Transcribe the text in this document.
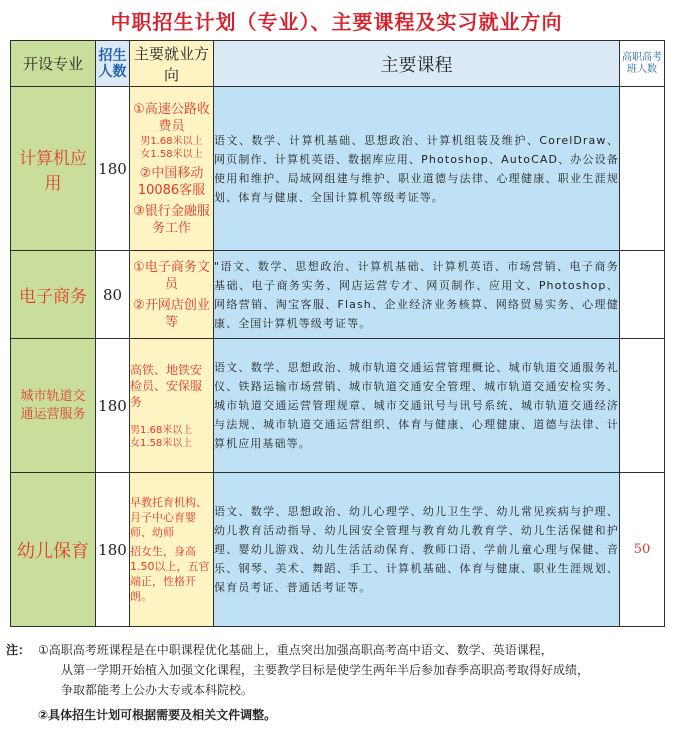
中职招生计划（专业）、主要课程及实习就业方向
开设专业	招生人数	主要就业方向	主要课程	高职高考班人数

计算机应用	180	①高速公路收费员
男1.68米以上
女1.58米以上
②中国移动10086客服
③银行金融服务工作	语文、数学、计算机基础、思想政治、计算机组装及维护、CorelDraw、网页制作、计算机英语、数据库应用、Photoshop、AutoCAD、办公设备使用和维护、局域网组建与维护、职业道德与法律、心理健康、职业生涯规划、体育与健康、全国计算机等级考证等。	

电子商务	80	①电子商务文员
②开网店创业等	"语文、数学、思想政治、计算机基础、计算机英语、市场营销、电子商务基础、电子商务实务、网店运营专才、网页制作、应用文、Photoshop、网络营销、淘宝客服、Flash、企业经济业务核算、网络贸易实务、心理健康、全国计算机等级考证等。	

城市轨道交通运营服务	180	高铁、地铁安检员、安保服务
男1.68米以上
女1.58米以上	语文、数学、思想政治、城市轨道交通运营管理概论、城市轨道交通服务礼仪、铁路运输市场营销、城市轨道交通安全管理、城市轨道交通安检实务、城市轨道交通运营管理规章、城市交通讯号与讯号系统、城市轨道交通经济与法规、城市轨道交通运营组织、体育与健康、心理健康、道德与法律、计算机应用基础等。	

幼儿保育	180	早教托育机构、月子中心育婴师、幼师
招女生，身高1.50以上，五官端正，性格开朗。	语文、数学、思想政治、幼儿心理学、幼儿卫生学、幼儿常见疾病与护理、幼儿教育活动指导、幼儿园安全管理与教育幼儿教育学、幼儿生活保健和护理、婴幼儿游戏、幼儿生活活动保育、教师口语、学前儿童心理与保健、音乐、钢琴、美术、舞蹈、手工、计算机基础、体育与健康、职业生涯规划、保育员考证、普通话考证等。	50
注： ①高职高考班课程是在中职课程优化基础上，重点突出加强高职高考高中语文、数学、英语课程，
从第一学期开始植入加强文化课程，主要教学目标是使学生两年半后参加春季高职高考取得好成绩，
争取都能考上公办大专或本科院校。
②具体招生计划可根据需要及相关文件调整。
